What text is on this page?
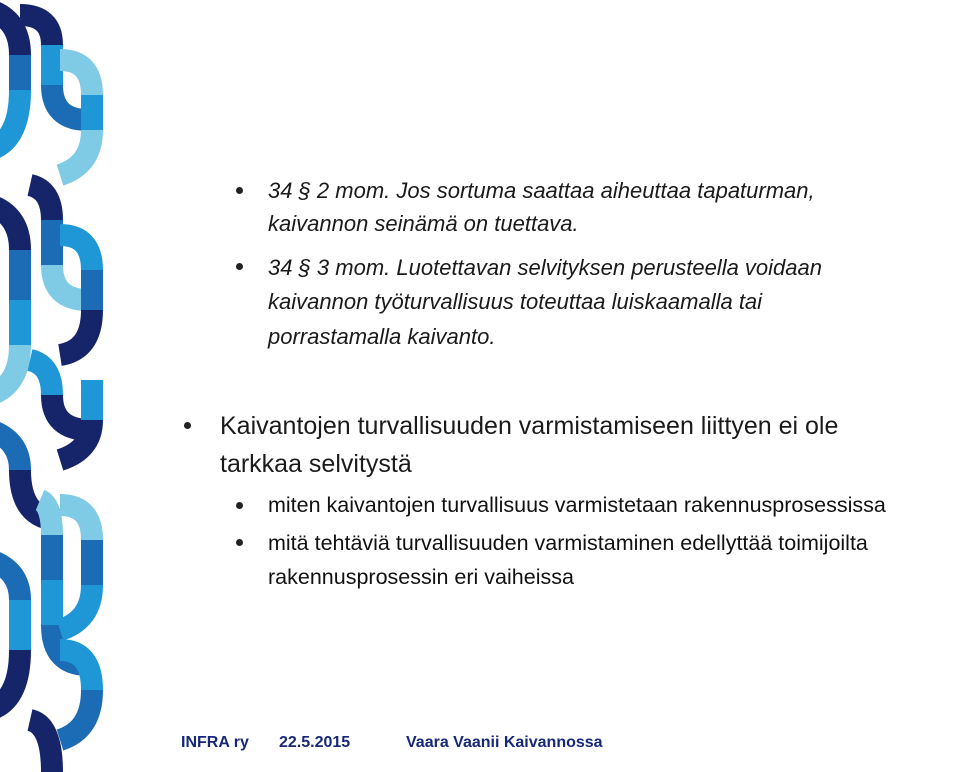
34 § 2 mom. Jos sortuma saattaa aiheuttaa tapaturman,
kaivannon seinämä on tuettava.
34 § 3 mom. Luotettavan selvityksen perusteella voidaan
kaivannon työturvallisuus toteuttaa luiskaamalla tai
porrastamalla kaivanto.
Kaivantojen turvallisuuden varmistamiseen liittyen ei ole
tarkkaa selvitystä
miten kaivantojen turvallisuus varmistetaan rakennusprosessissa
mitä tehtäviä turvallisuuden varmistaminen edellyttää toimijoilta
rakennusprosessin eri vaiheissa
INFRA ry 22.5.2015	Vaara Vaanii Kaivannossa
